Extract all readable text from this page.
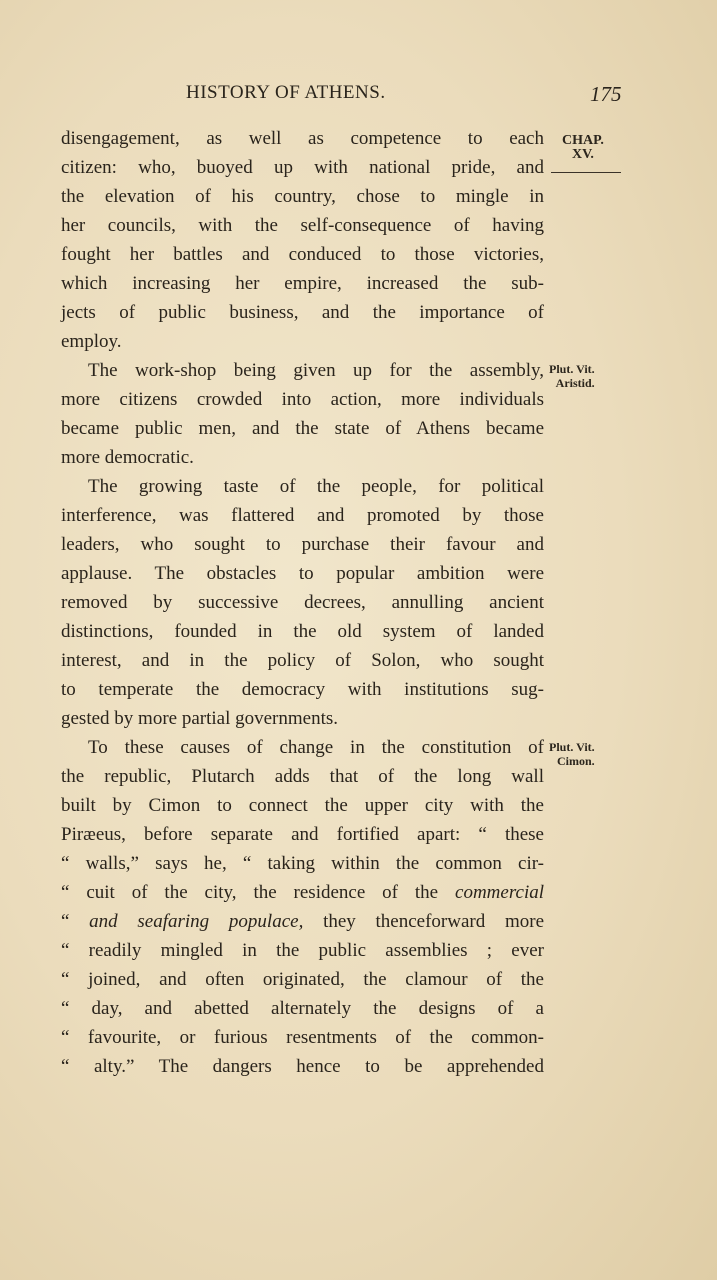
HISTORY OF ATHENS.	175
CHAP.
XV.
Plut. Vit.
Aristid.
Plut. Vit.
Cimon.
disengagement, as well as competence to each
citizen: who, buoyed up with national pride, and
the elevation of his country, chose to mingle in
her councils, with the self-consequence of having
fought her battles and conduced to those victories,
which increasing her empire, increased the sub-
jects of public business, and the importance of
employ.
The work-shop being given up for the assembly,
more citizens crowded into action, more individuals
became public men, and the state of Athens became
more democratic.
The growing taste of the people, for political
interference, was flattered and promoted by those
leaders, who sought to purchase their favour and
applause. The obstacles to popular ambition were
removed by successive decrees, annulling ancient
distinctions, founded in the old system of landed
interest, and in the policy of Solon, who sought
to temperate the democracy with institutions sug-
gested by more partial governments.
To these causes of change in the constitution of
the republic, Plutarch adds that of the long wall
built by Cimon to connect the upper city with the
Piræeus, before separate and fortified apart: “ these
“ walls,” says he, “ taking within the common cir-
“ cuit of the city, the residence of the commercial
“ and seafaring populace, they thenceforward more
“ readily mingled in the public assemblies ; ever
“ joined, and often originated, the clamour of the
“ day, and abetted alternately the designs of a
“ favourite, or furious resentments of the common-
“ alty.” The dangers hence to be apprehended
